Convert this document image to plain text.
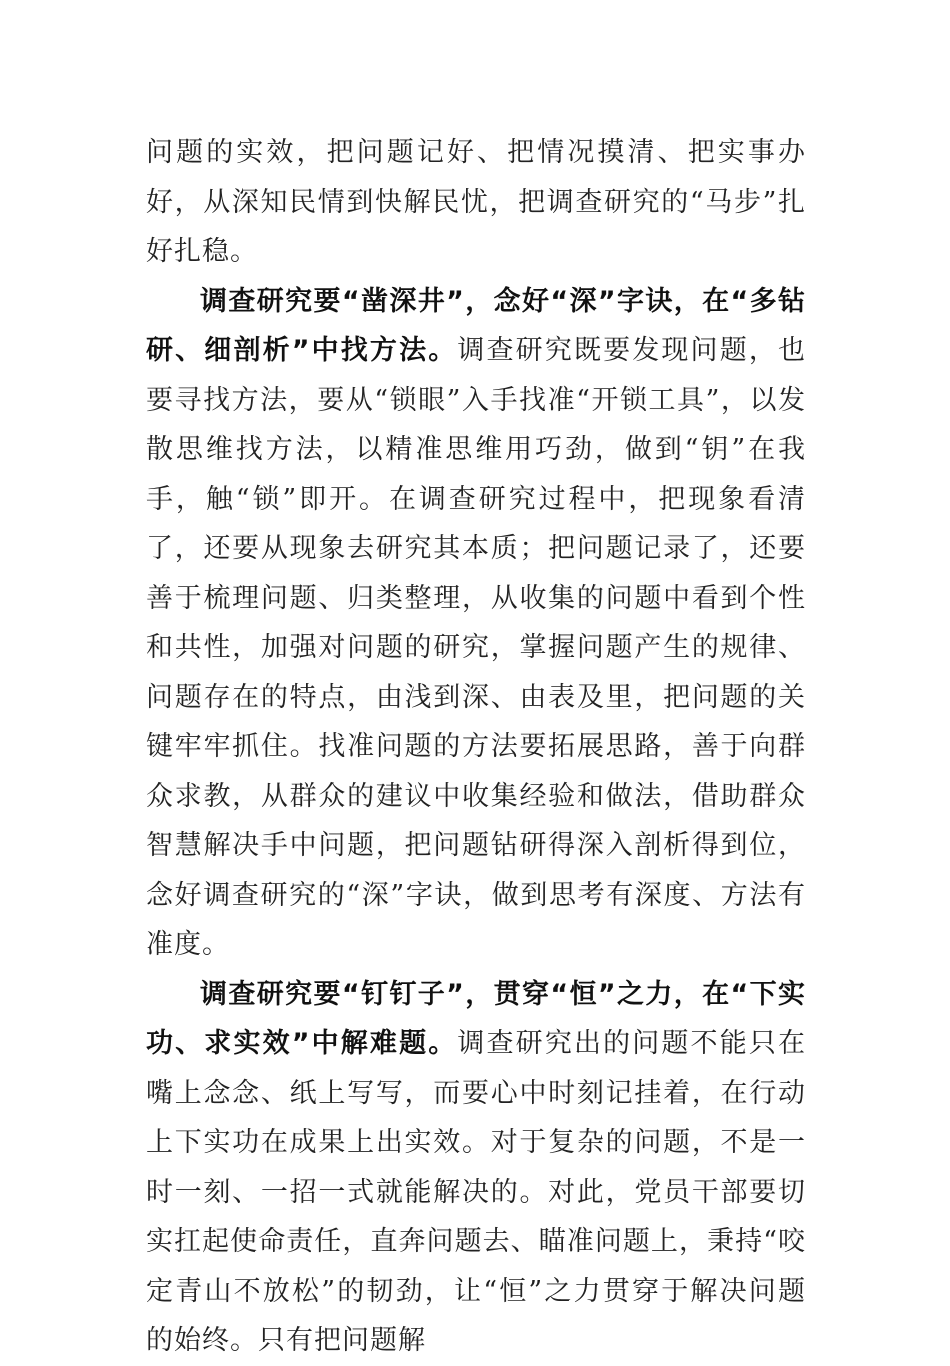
问题的实效，把问题记好、把情况摸清、把实事办好，从深知民情到快解民忧，把调查研究的“马步”扎好扎稳。

调查研究要“凿深井”，念好“深”字诀，在“多钻研、细剖析”中找方法。调查研究既要发现问题，也要寻找方法，要从“锁眼”入手找准“开锁工具”，以发散思维找方法，以精准思维用巧劲，做到“钥”在我手，触“锁”即开。在调查研究过程中，把现象看清了，还要从现象去研究其本质；把问题记录了，还要善于梳理问题、归类整理，从收集的问题中看到个性和共性，加强对问题的研究，掌握问题产生的规律、问题存在的特点，由浅到深、由表及里，把问题的关键牢牢抓住。找准问题的方法要拓展思路，善于向群众求教，从群众的建议中收集经验和做法，借助群众智慧解决手中问题，把问题钻研得深入剖析得到位，念好调查研究的“深”字诀，做到思考有深度、方法有准度。

调查研究要“钉钉子”，贯穿“恒”之力，在“下实功、求实效”中解难题。调查研究出的问题不能只在嘴上念念、纸上写写，而要心中时刻记挂着，在行动上下实功在成果上出实效。对于复杂的问题，不是一时一刻、一招一式就能解决的。对此，党员干部要切实扛起使命责任，直奔问题去、瞄准问题上，秉持“咬定青山不放松”的韧劲，让“恒”之力贯穿于解决问题的始终。只有把问题解
